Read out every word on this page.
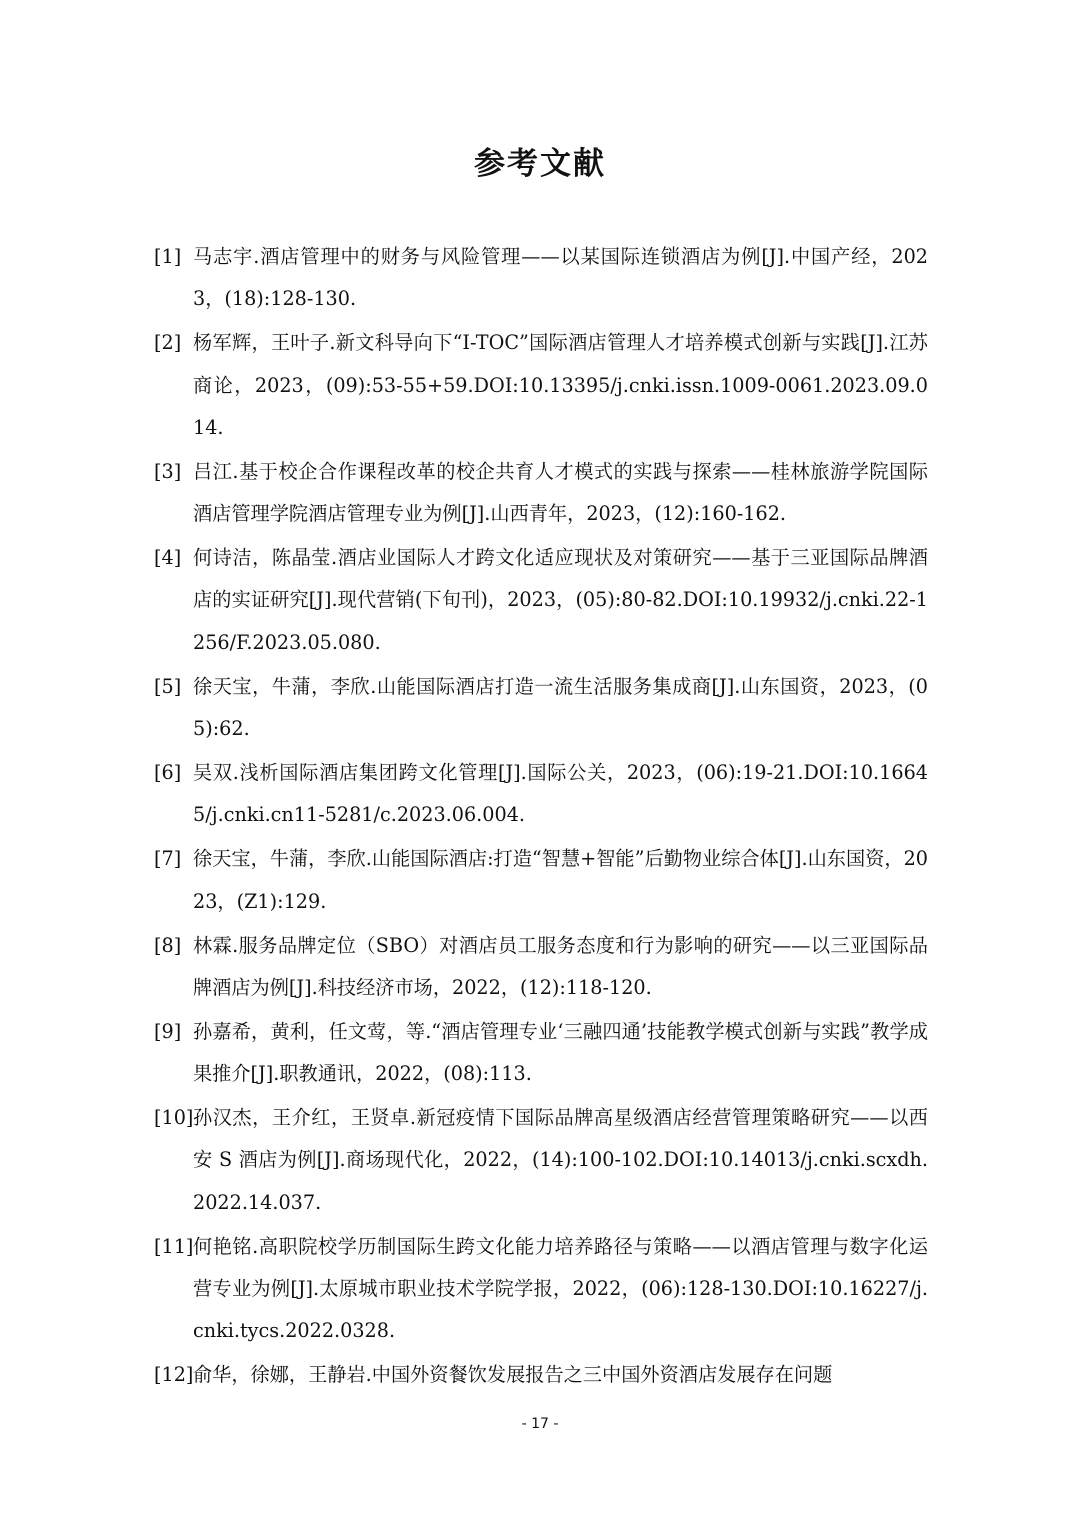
参考文献
[1] 马志宇.酒店管理中的财务与风险管理——以某国际连锁酒店为例[J].中国产经，2023，(18):128-130.
[2] 杨军辉，王叶子.新文科导向下“I-TOC”国际酒店管理人才培养模式创新与实践[J].江苏商论，2023，(09):53-55+59.DOI:10.13395/j.cnki.issn.1009-0061.2023.09.014.
[3] 吕江.基于校企合作课程改革的校企共育人才模式的实践与探索——桂林旅游学院国际酒店管理学院酒店管理专业为例[J].山西青年，2023，(12):160-162.
[4] 何诗洁，陈晶莹.酒店业国际人才跨文化适应现状及对策研究——基于三亚国际品牌酒店的实证研究[J].现代营销(下旬刊)，2023，(05):80-82.DOI:10.19932/j.cnki.22-1256/F.2023.05.080.
[5] 徐天宝，牛蒲，李欣.山能国际酒店打造一流生活服务集成商[J].山东国资，2023，(05):62.
[6] 吴双.浅析国际酒店集团跨文化管理[J].国际公关，2023，(06):19-21.DOI:10.16645/j.cnki.cn11-5281/c.2023.06.004.
[7] 徐天宝，牛蒲，李欣.山能国际酒店:打造“智慧+智能”后勤物业综合体[J].山东国资，2023，(Z1):129.
[8] 林霖.服务品牌定位（SBO）对酒店员工服务态度和行为影响的研究——以三亚国际品牌酒店为例[J].科技经济市场，2022，(12):118-120.
[9] 孙嘉希，黄利，任文莺，等.“酒店管理专业‘三融四通’技能教学模式创新与实践”教学成果推介[J].职教通讯，2022，(08):113.
[10] 孙汉杰，王介红，王贤卓.新冠疫情下国际品牌高星级酒店经营管理策略研究——以西安 S 酒店为例[J].商场现代化，2022，(14):100-102.DOI:10.14013/j.cnki.scxdh.2022.14.037.
[11] 何艳铭.高职院校学历制国际生跨文化能力培养路径与策略——以酒店管理与数字化运营专业为例[J].太原城市职业技术学院学报，2022，(06):128-130.DOI:10.16227/j.cnki.tycs.2022.0328.
[12] 俞华，徐娜，王静岩.中国外资餐饮发展报告之三中国外资酒店发展存在问题
- 17 -
